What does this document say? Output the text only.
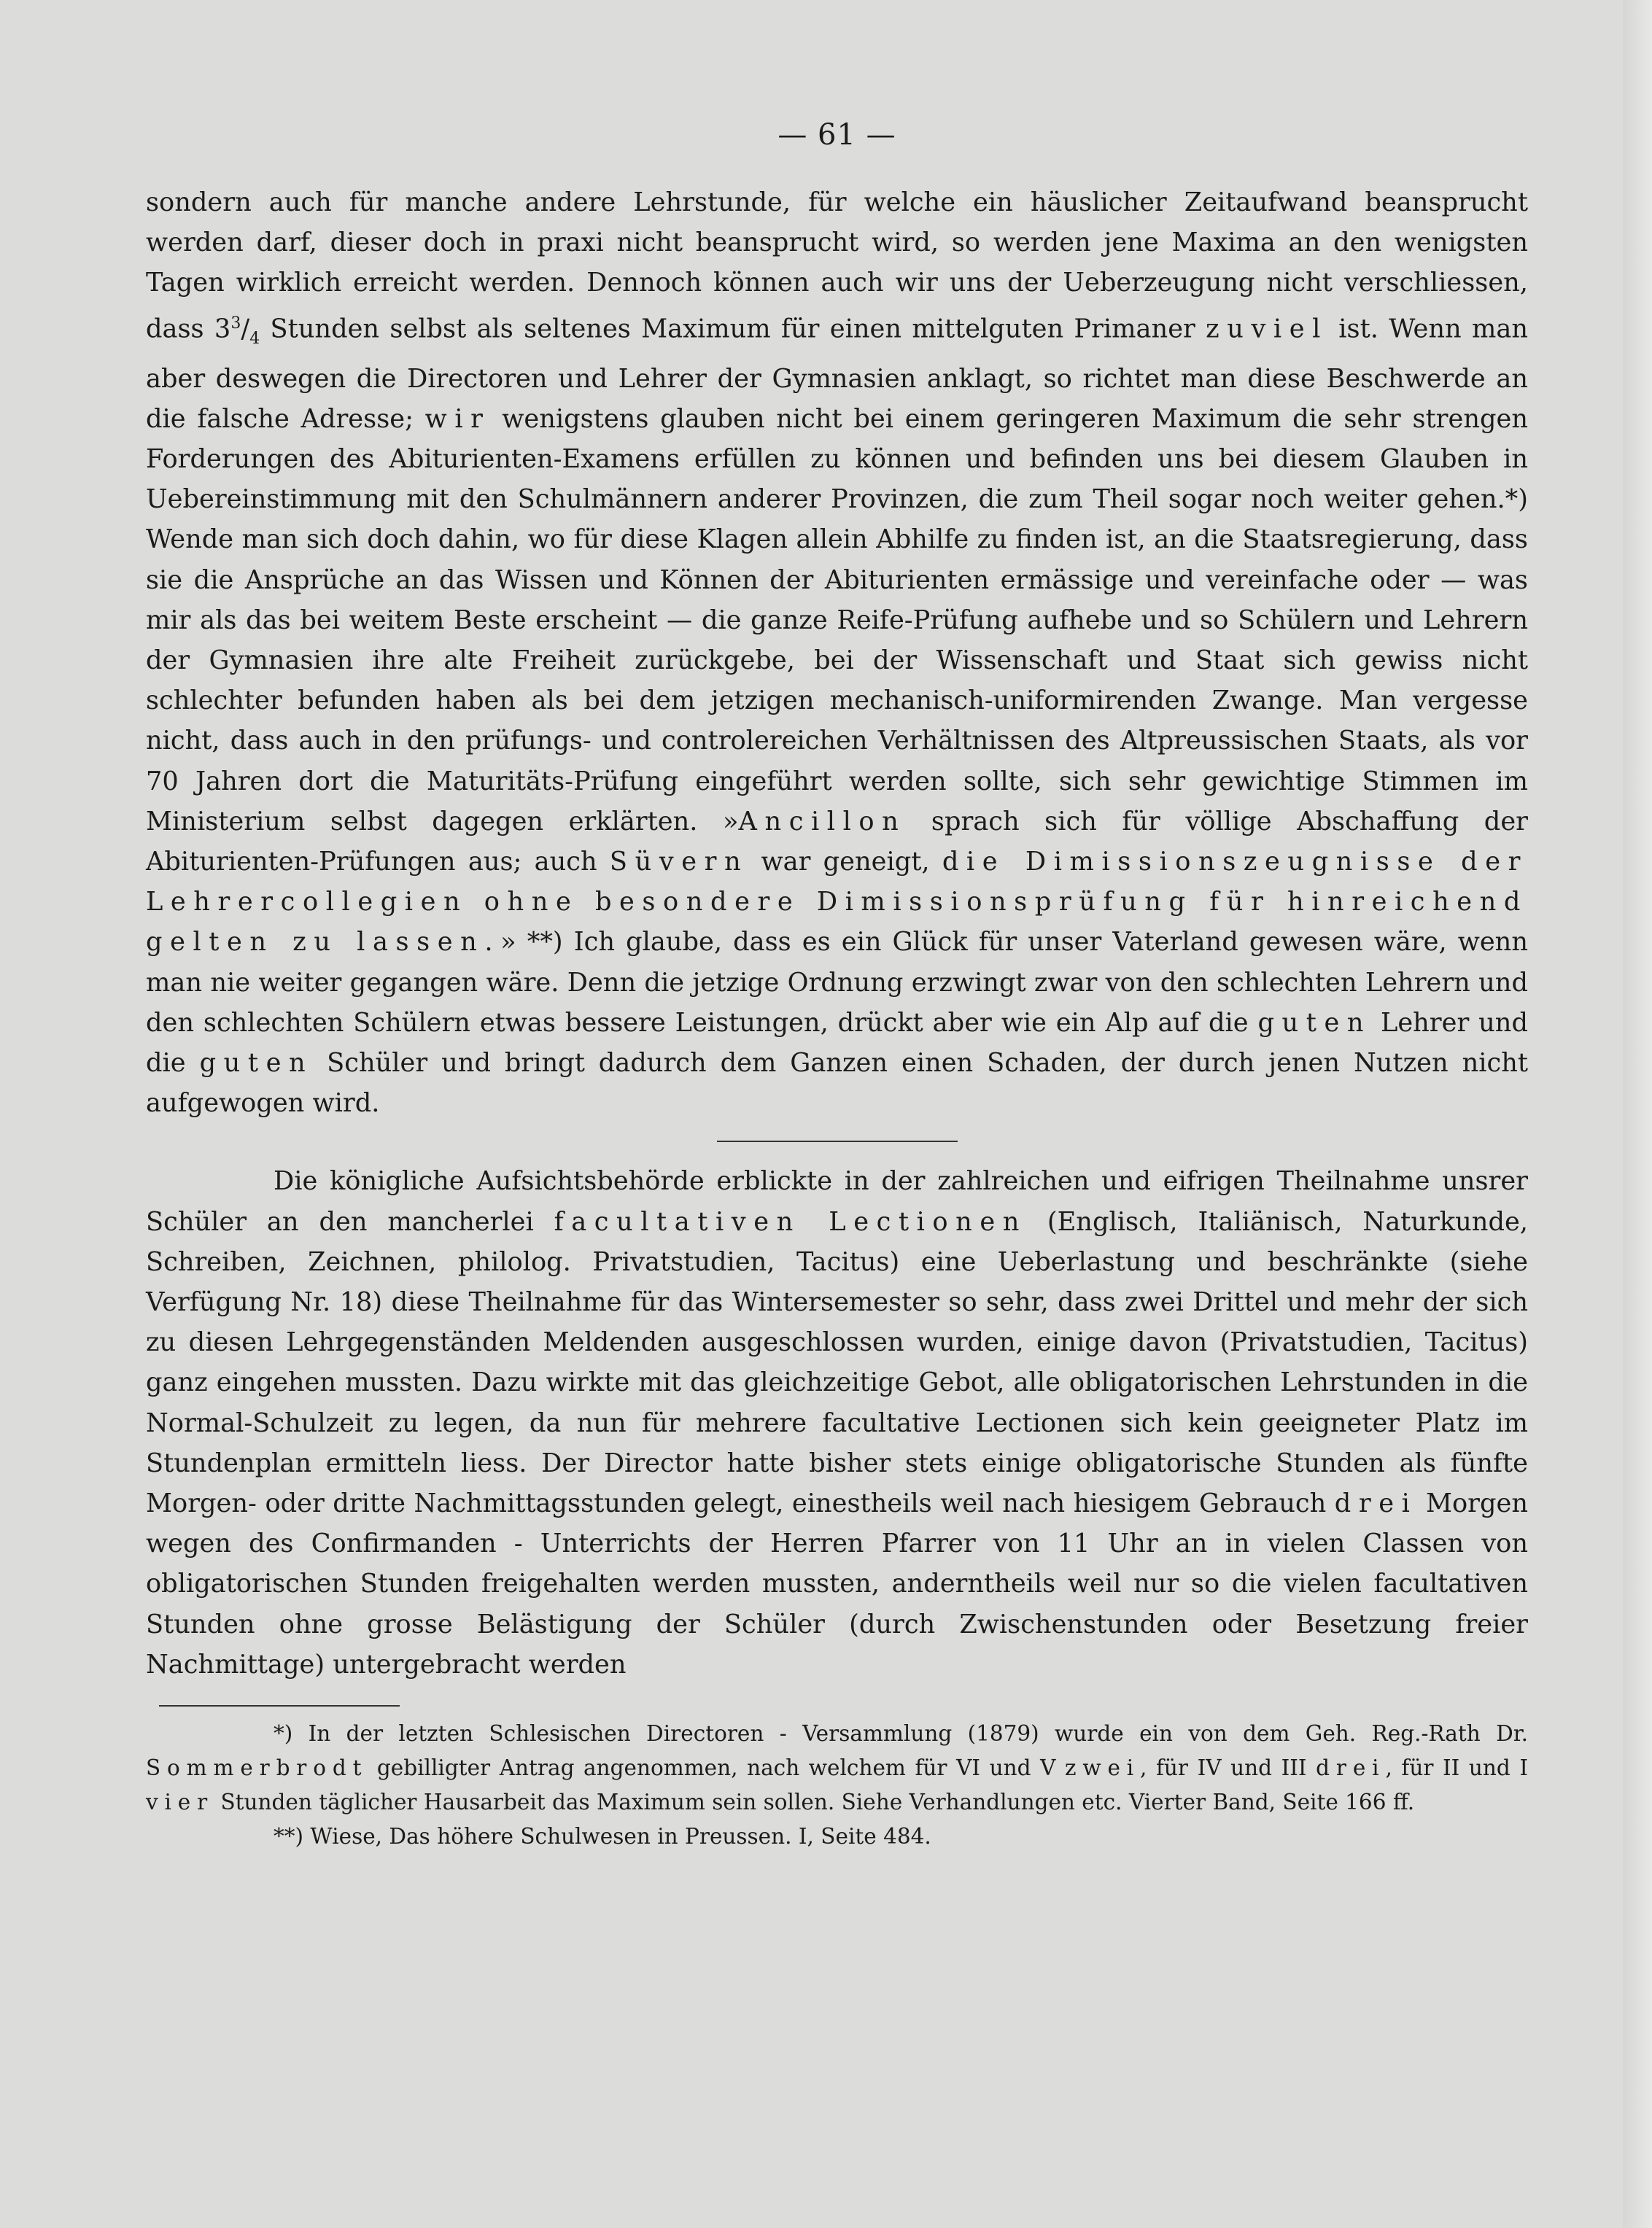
— 61 —

sondern auch für manche andere Lehrstunde, für welche ein häuslicher Zeitaufwand beansprucht werden darf, dieser doch in praxi nicht beansprucht wird, so werden jene Maxima an den wenigsten Tagen wirklich erreicht werden. Dennoch können auch wir uns der Ueberzeugung nicht verschliessen, dass $3^3/_4$ Stunden selbst als seltenes Maximum für einen mittelguten Primaner zuviel ist. Wenn man aber deswegen die Directoren und Lehrer der Gymnasien anklagt, so richtet man diese Beschwerde an die falsche Adresse; wir wenigstens glauben nicht bei einem geringeren Maximum die sehr strengen Forderungen des Abiturienten-Examens erfüllen zu können und befinden uns bei diesem Glauben in Uebereinstimmung mit den Schulmännern anderer Provinzen, die zum Theil sogar noch weiter gehen.*) Wende man sich doch dahin, wo für diese Klagen allein Abhilfe zu finden ist, an die Staatsregierung, dass sie die Ansprüche an das Wissen und Können der Abiturienten ermässige und vereinfache oder — was mir als das bei weitem Beste erscheint — die ganze Reife-Prüfung aufhebe und so Schülern und Lehrern der Gymnasien ihre alte Freiheit zurückgebe, bei der Wissenschaft und Staat sich gewiss nicht schlechter befunden haben als bei dem jetzigen mechanisch-uniformirenden Zwange. Man vergesse nicht, dass auch in den prüfungs- und controlereichen Verhältnissen des Altpreussischen Staats, als vor 70 Jahren dort die Maturitäts-Prüfung eingeführt werden sollte, sich sehr gewichtige Stimmen im Ministerium selbst dagegen erklärten. »Ancillon sprach sich für völlige Abschaffung der Abiturienten-Prüfungen aus; auch Süvern war geneigt, die Dimissionszeugnisse der Lehrercollegien ohne besondere Dimissionsprüfung für hinreichend gelten zu lassen.» **) Ich glaube, dass es ein Glück für unser Vaterland gewesen wäre, wenn man nie weiter gegangen wäre. Denn die jetzige Ordnung erzwingt zwar von den schlechten Lehrern und den schlechten Schülern etwas bessere Leistungen, drückt aber wie ein Alp auf die guten Lehrer und die guten Schüler und bringt dadurch dem Ganzen einen Schaden, der durch jenen Nutzen nicht aufgewogen wird.

Die königliche Aufsichtsbehörde erblickte in der zahlreichen und eifrigen Theilnahme unsrer Schüler an den mancherlei facultativen Lectionen (Englisch, Italiänisch, Naturkunde, Schreiben, Zeichnen, philolog. Privatstudien, Tacitus) eine Ueberlastung und beschränkte (siehe Verfügung Nr. 18) diese Theilnahme für das Wintersemester so sehr, dass zwei Drittel und mehr der sich zu diesen Lehrgegenständen Meldenden ausgeschlossen wurden, einige davon (Privatstudien, Tacitus) ganz eingehen mussten. Dazu wirkte mit das gleichzeitige Gebot, alle obligatorischen Lehrstunden in die Normal-Schulzeit zu legen, da nun für mehrere facultative Lectionen sich kein geeigneter Platz im Stundenplan ermitteln liess. Der Director hatte bisher stets einige obligatorische Stunden als fünfte Morgen- oder dritte Nachmittagsstunden gelegt, einestheils weil nach hiesigem Gebrauch drei Morgen wegen des Confirmanden - Unterrichts der Herren Pfarrer von 11 Uhr an in vielen Classen von obligatorischen Stunden freigehalten werden mussten, anderntheils weil nur so die vielen facultativen Stunden ohne grosse Belästigung der Schüler (durch Zwischenstunden oder Besetzung freier Nachmittage) untergebracht werden

*) In der letzten Schlesischen Directoren - Versammlung (1879) wurde ein von dem Geh. Reg.-Rath Dr. Sommerbrodt gebilligter Antrag angenommen, nach welchem für VI und V zwei, für IV und III drei, für II und I vier Stunden täglicher Hausarbeit das Maximum sein sollen. Siehe Verhandlungen etc. Vierter Band, Seite 166 ff.

**) Wiese, Das höhere Schulwesen in Preussen. I, Seite 484.
